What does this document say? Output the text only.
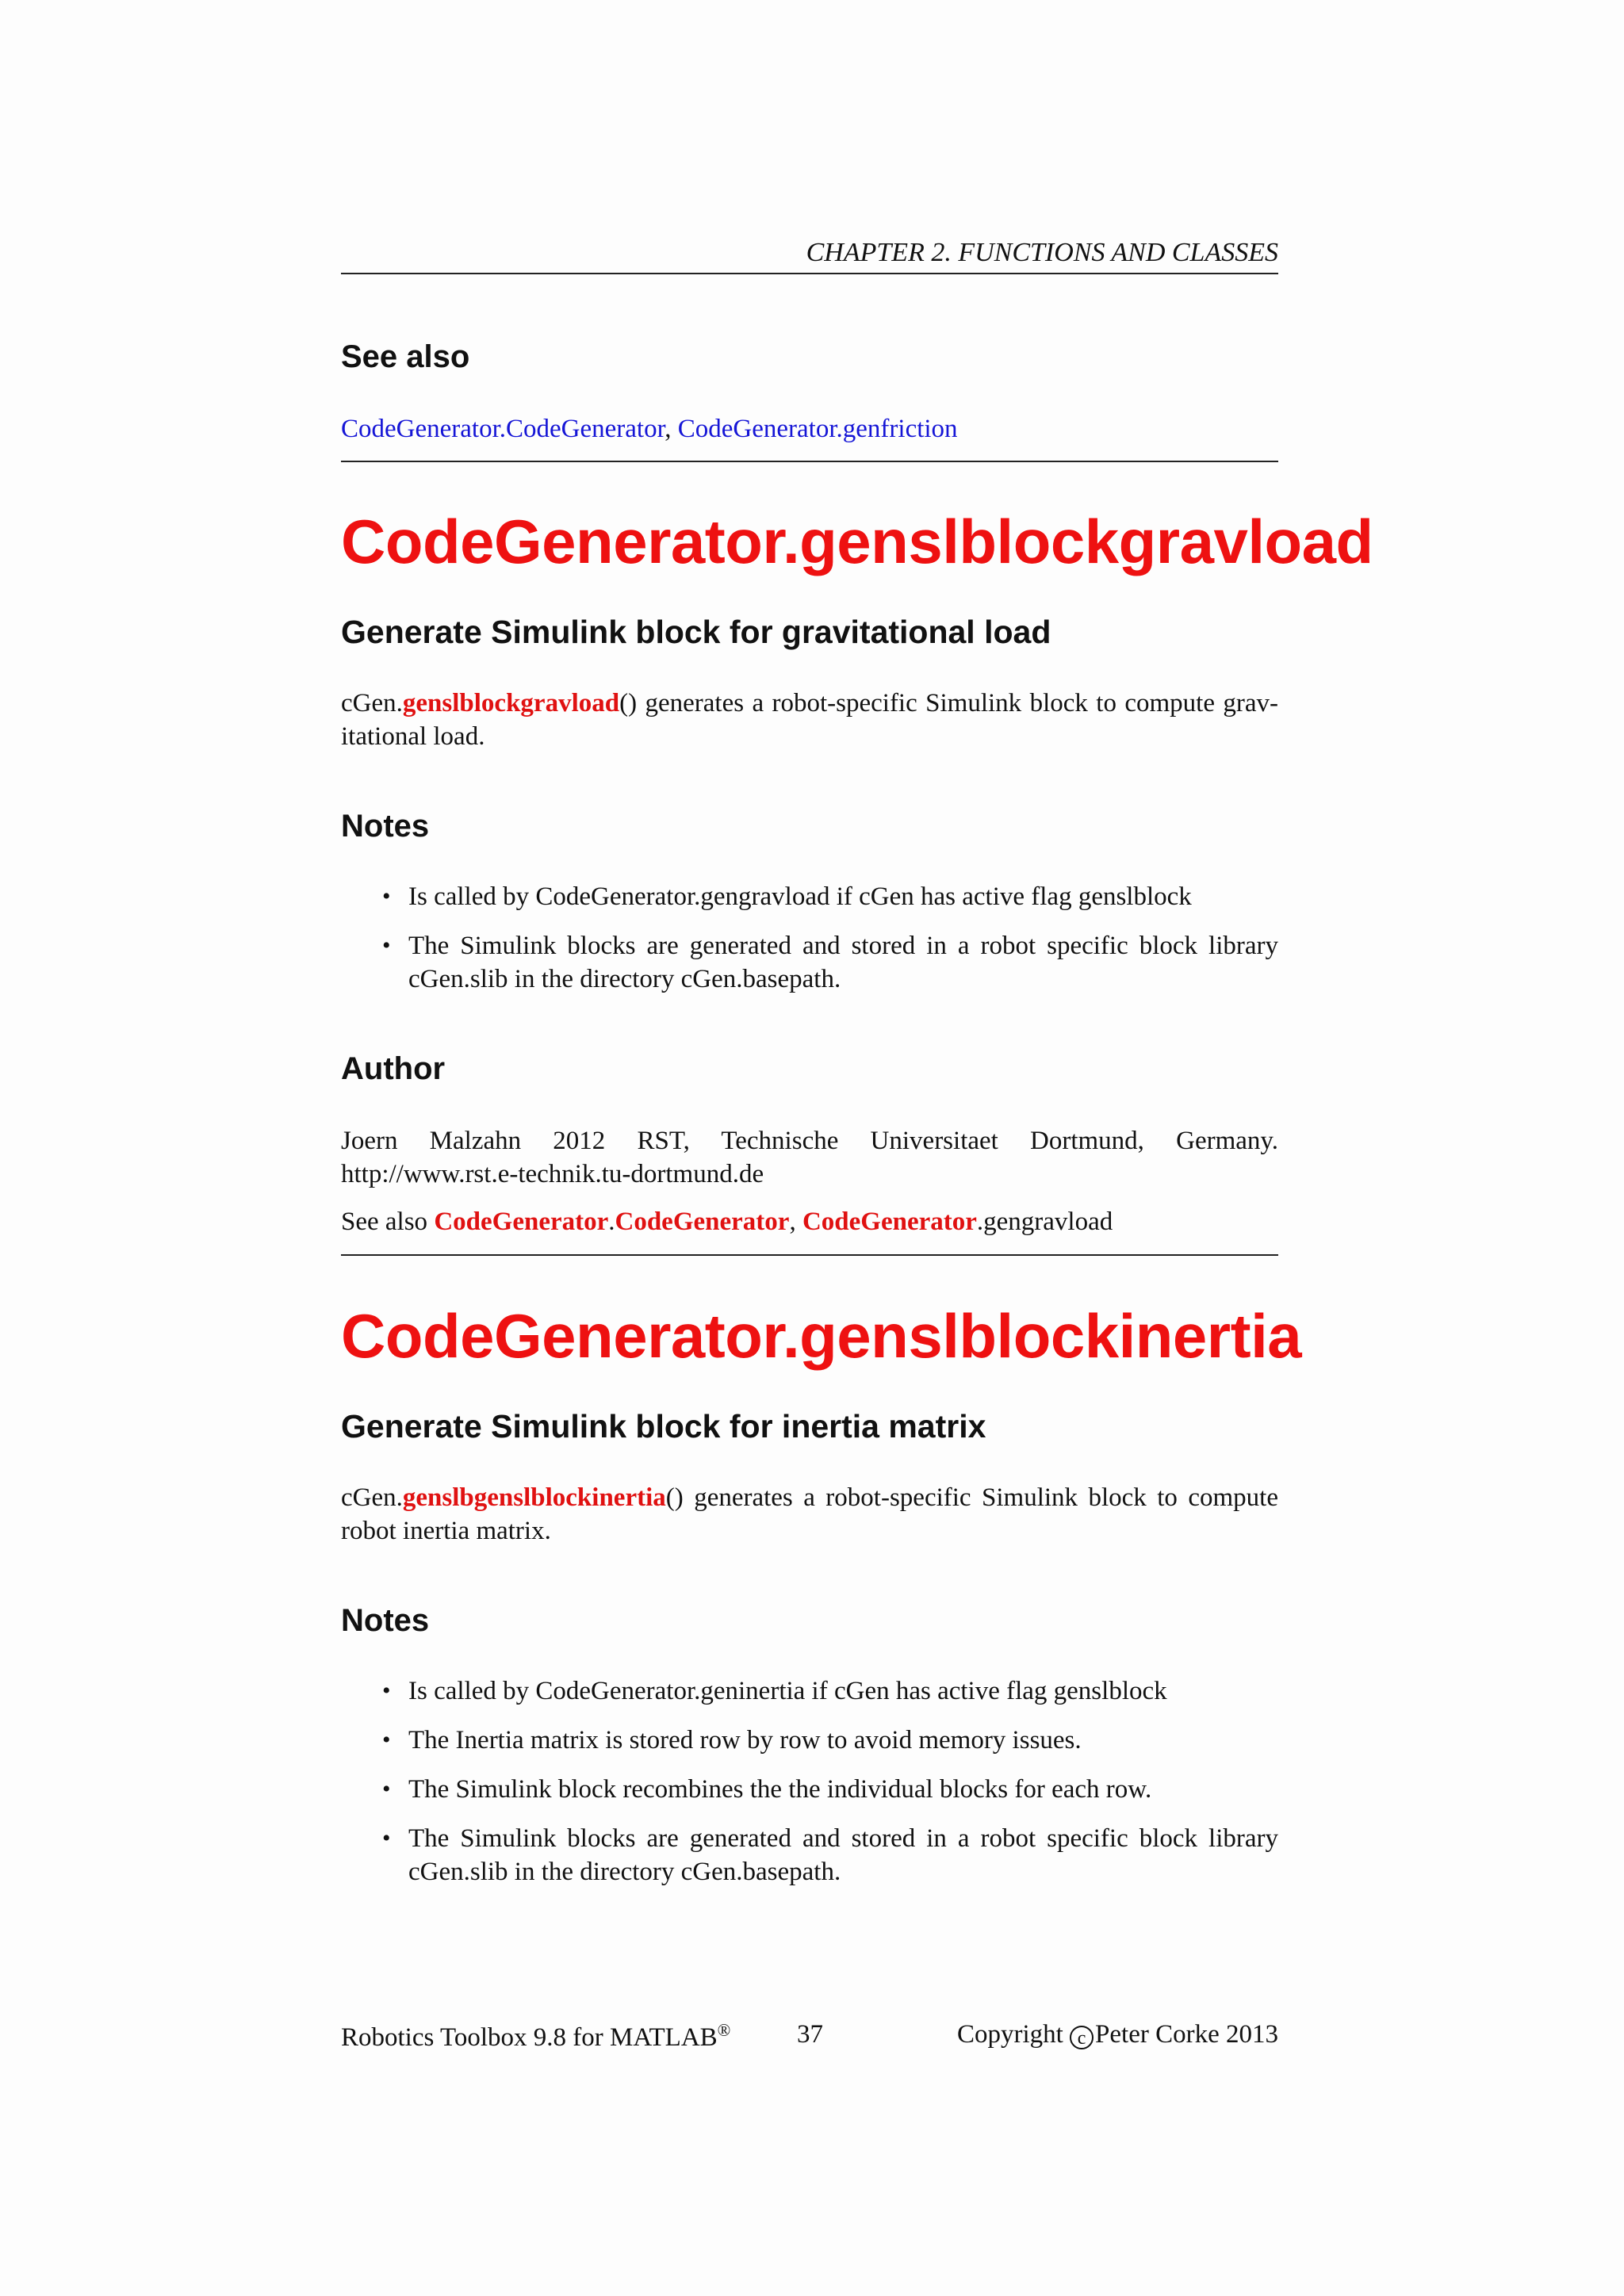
CHAPTER 2. FUNCTIONS AND CLASSES
See also
CodeGenerator.CodeGenerator, CodeGenerator.genfriction
CodeGenerator.genslblockgravload
Generate Simulink block for gravitational load
cGen.genslblockgravload() generates a robot-specific Simulink block to compute grav-itational load.
Notes
• Is called by CodeGenerator.gengravload if cGen has active flag genslblock
• The Simulink blocks are generated and stored in a robot specific block library cGen.slib in the directory cGen.basepath.
Author
Joern Malzahn 2012 RST, Technische Universitaet Dortmund, Germany. http://www.rst.e-technik.tu-dortmund.de
See also CodeGenerator.CodeGenerator, CodeGenerator.gengravload
CodeGenerator.genslblockinertia
Generate Simulink block for inertia matrix
cGen.genslbgenslblockinertia() generates a robot-specific Simulink block to compute robot inertia matrix.
Notes
• Is called by CodeGenerator.geninertia if cGen has active flag genslblock
• The Inertia matrix is stored row by row to avoid memory issues.
• The Simulink block recombines the the individual blocks for each row.
• The Simulink blocks are generated and stored in a robot specific block library cGen.slib in the directory cGen.basepath.
Robotics Toolbox 9.8 for MATLAB®	37	Copyright c Peter Corke 2013
